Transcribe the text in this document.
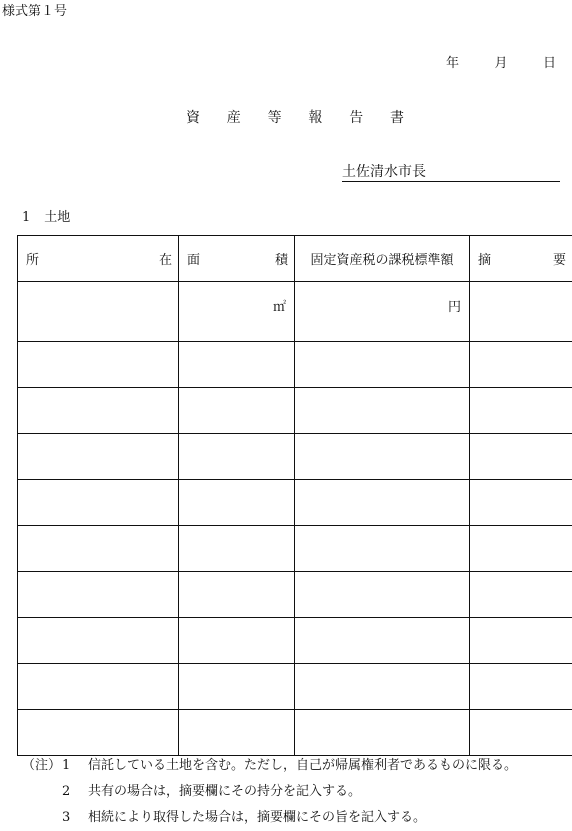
様式第１号
年	月	日
資 産 等 報 告 書
土佐清水市長
1 土地
所 在	面 積	固定資産税の課税標準額	摘 要

	㎡	円	

（注） 1	信託している土地を含む。ただし，自己が帰属権利者であるものに限る。
2	共有の場合は，摘要欄にその持分を記入する。
3	相続により取得した場合は，摘要欄にその旨を記入する。
